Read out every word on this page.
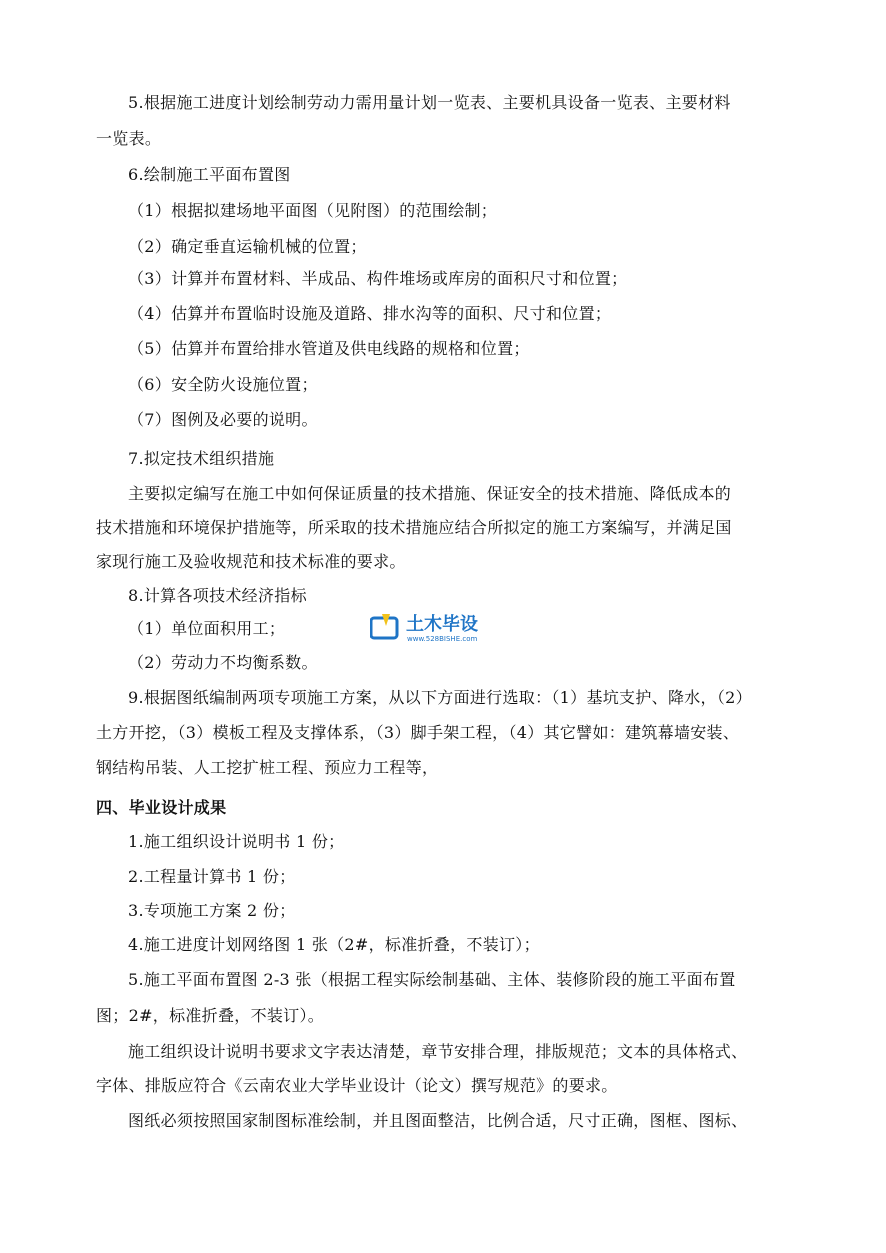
5.根据施工进度计划绘制劳动力需用量计划一览表、主要机具设备一览表、主要材料
一览表。
6.绘制施工平面布置图
（1）根据拟建场地平面图（见附图）的范围绘制；
（2）确定垂直运输机械的位置；
（3）计算并布置材料、半成品、构件堆场或库房的面积尺寸和位置；
（4）估算并布置临时设施及道路、排水沟等的面积、尺寸和位置；
（5）估算并布置给排水管道及供电线路的规格和位置；
（6）安全防火设施位置；
（7）图例及必要的说明。
7.拟定技术组织措施
主要拟定编写在施工中如何保证质量的技术措施、保证安全的技术措施、降低成本的
技术措施和环境保护措施等，所采取的技术措施应结合所拟定的施工方案编写，并满足国
家现行施工及验收规范和技术标准的要求。
8.计算各项技术经济指标
（1）单位面积用工；
（2）劳动力不均衡系数。
9.根据图纸编制两项专项施工方案，从以下方面进行选取：（1）基坑支护、降水，（2）
土方开挖，（3）模板工程及支撑体系，（3）脚手架工程，（4）其它譬如：建筑幕墙安装、
钢结构吊装、人工挖扩桩工程、预应力工程等，
四、毕业设计成果
1.施工组织设计说明书 1 份；
2.工程量计算书 1 份；
3.专项施工方案 2 份；
4.施工进度计划网络图 1 张（2#，标准折叠，不装订）；
5.施工平面布置图 2-3 张（根据工程实际绘制基础、主体、装修阶段的施工平面布置
图；2#，标准折叠，不装订）。
施工组织设计说明书要求文字表达清楚，章节安排合理，排版规范；文本的具体格式、
字体、排版应符合《云南农业大学毕业设计（论文）撰写规范》的要求。
图纸必须按照国家制图标准绘制，并且图面整洁，比例合适，尺寸正确，图框、图标、
土木毕设
www.528BISHE.com
